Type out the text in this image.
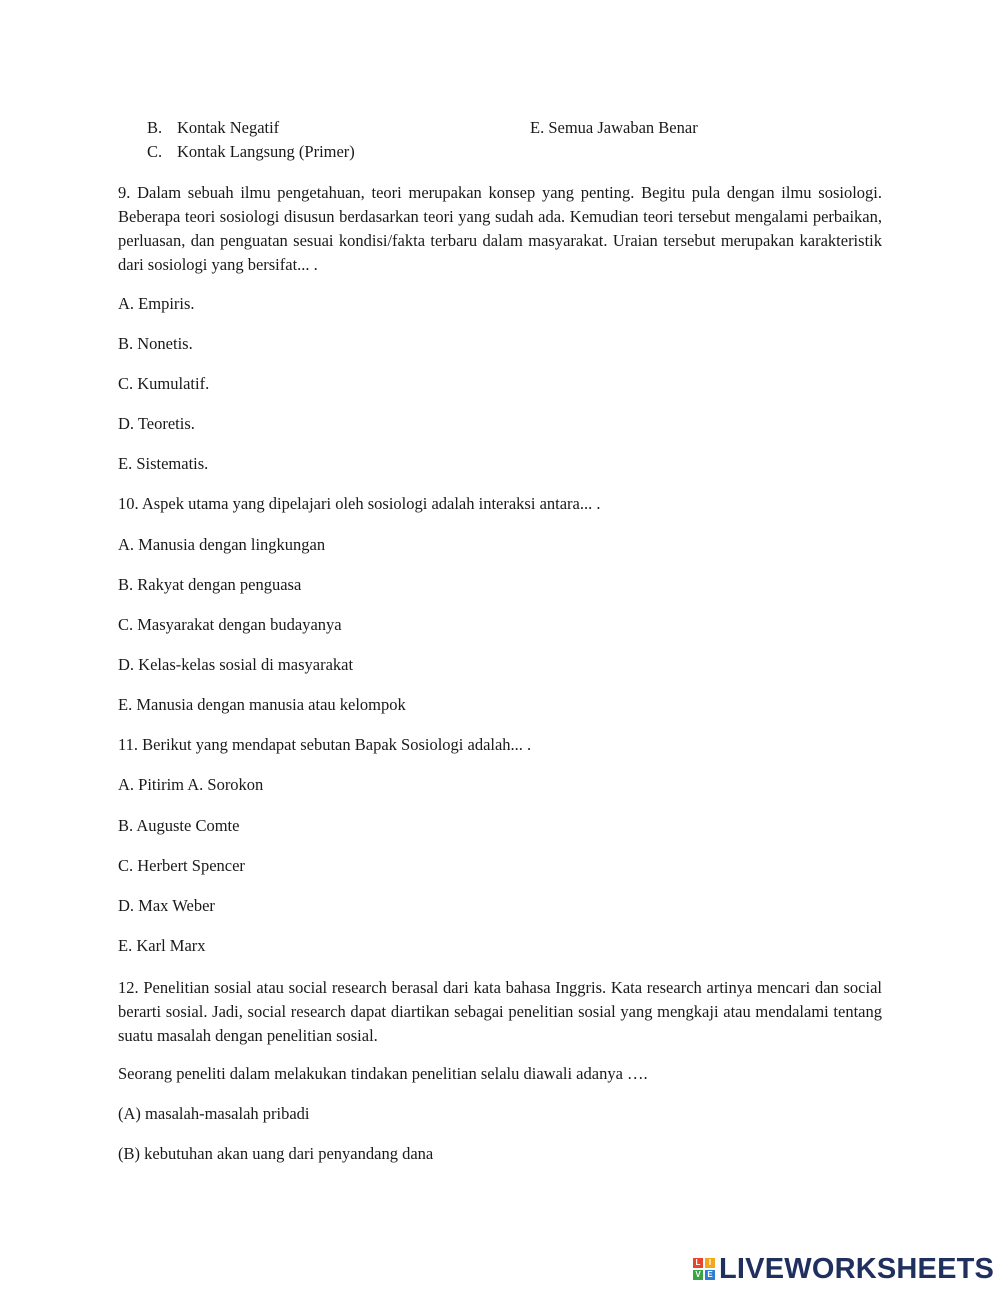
B. Kontak Negatif	E. Semua Jawaban Benar
C. Kontak Langsung (Primer)
9. Dalam sebuah ilmu pengetahuan, teori merupakan konsep yang penting. Begitu pula dengan ilmu sosiologi. Beberapa teori sosiologi disusun berdasarkan teori yang sudah ada. Kemudian teori tersebut mengalami perbaikan, perluasan, dan penguatan sesuai kondisi/fakta terbaru dalam masyarakat. Uraian tersebut merupakan karakteristik dari sosiologi yang bersifat... .
A. Empiris.
B. Nonetis.
C. Kumulatif.
D. Teoretis.
E. Sistematis.
10. Aspek utama yang dipelajari oleh sosiologi adalah interaksi antara... .
A. Manusia dengan lingkungan
B. Rakyat dengan penguasa
C. Masyarakat dengan budayanya
D. Kelas-kelas sosial di masyarakat
E. Manusia dengan manusia atau kelompok
11. Berikut yang mendapat sebutan Bapak Sosiologi adalah... .
A. Pitirim A. Sorokon
B. Auguste Comte
C. Herbert Spencer
D. Max Weber
E. Karl Marx
12. Penelitian sosial atau social research berasal dari kata bahasa Inggris. Kata research artinya mencari dan social berarti sosial. Jadi, social research dapat diartikan sebagai penelitian sosial yang mengkaji atau mendalami tentang suatu masalah dengan penelitian sosial.
Seorang peneliti dalam melakukan tindakan penelitian selalu diawali adanya ….
(A) masalah-masalah pribadi
(B) kebutuhan akan uang dari penyandang dana
L	I
V E LIVEWORKSHEETS
